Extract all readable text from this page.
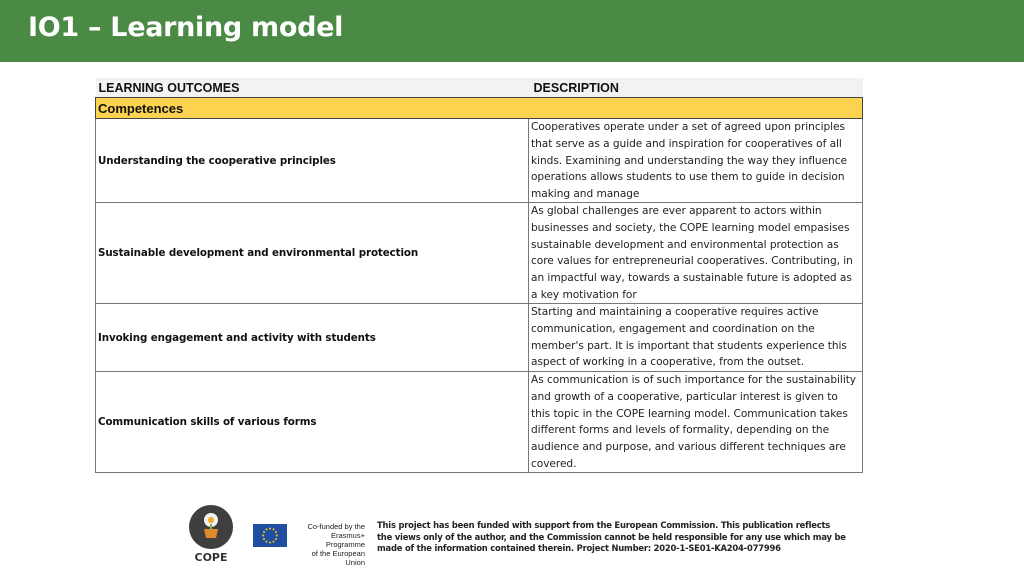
IO1 – Learning model
LEARNING OUTCOMES	DESCRIPTION
Competences	
Understanding the cooperative principles	Cooperatives operate under a set of agreed upon principles that serve as a guide and inspiration for cooperatives of all kinds. Examining and understanding the way they influence operations allows students to use them to guide in decision making and manage

Sustainable development and environmental protection	As global challenges are ever apparent to actors within businesses and society, the COPE learning model empasises sustainable development and environmental protection as core values for entrepreneurial cooperatives. Contributing, in an impactful way, towards a sustainable future is adopted as a key motivation for

Invoking engagement and activity with students	Starting and maintaining a cooperative requires active communication, engagement and coordination on the member's part. It is important that students experience this aspect of working in a cooperative, from the outset.

Communication skills of various forms	As communication is of such importance for the sustainability and growth of a cooperative, particular interest is given to this topic in the COPE learning model. Communication takes different forms and levels of formality, depending on the audience and purpose, and various different techniques are covered.
COPE
Co-funded by the
Erasmus+ Programme
of the European Union
This project has been funded with support from the European Commission. This publication reflects the views only of the author, and the Commission cannot be held responsible for any use which may be made of the information contained therein. Project Number: 2020-1-SE01-KA204-077996
